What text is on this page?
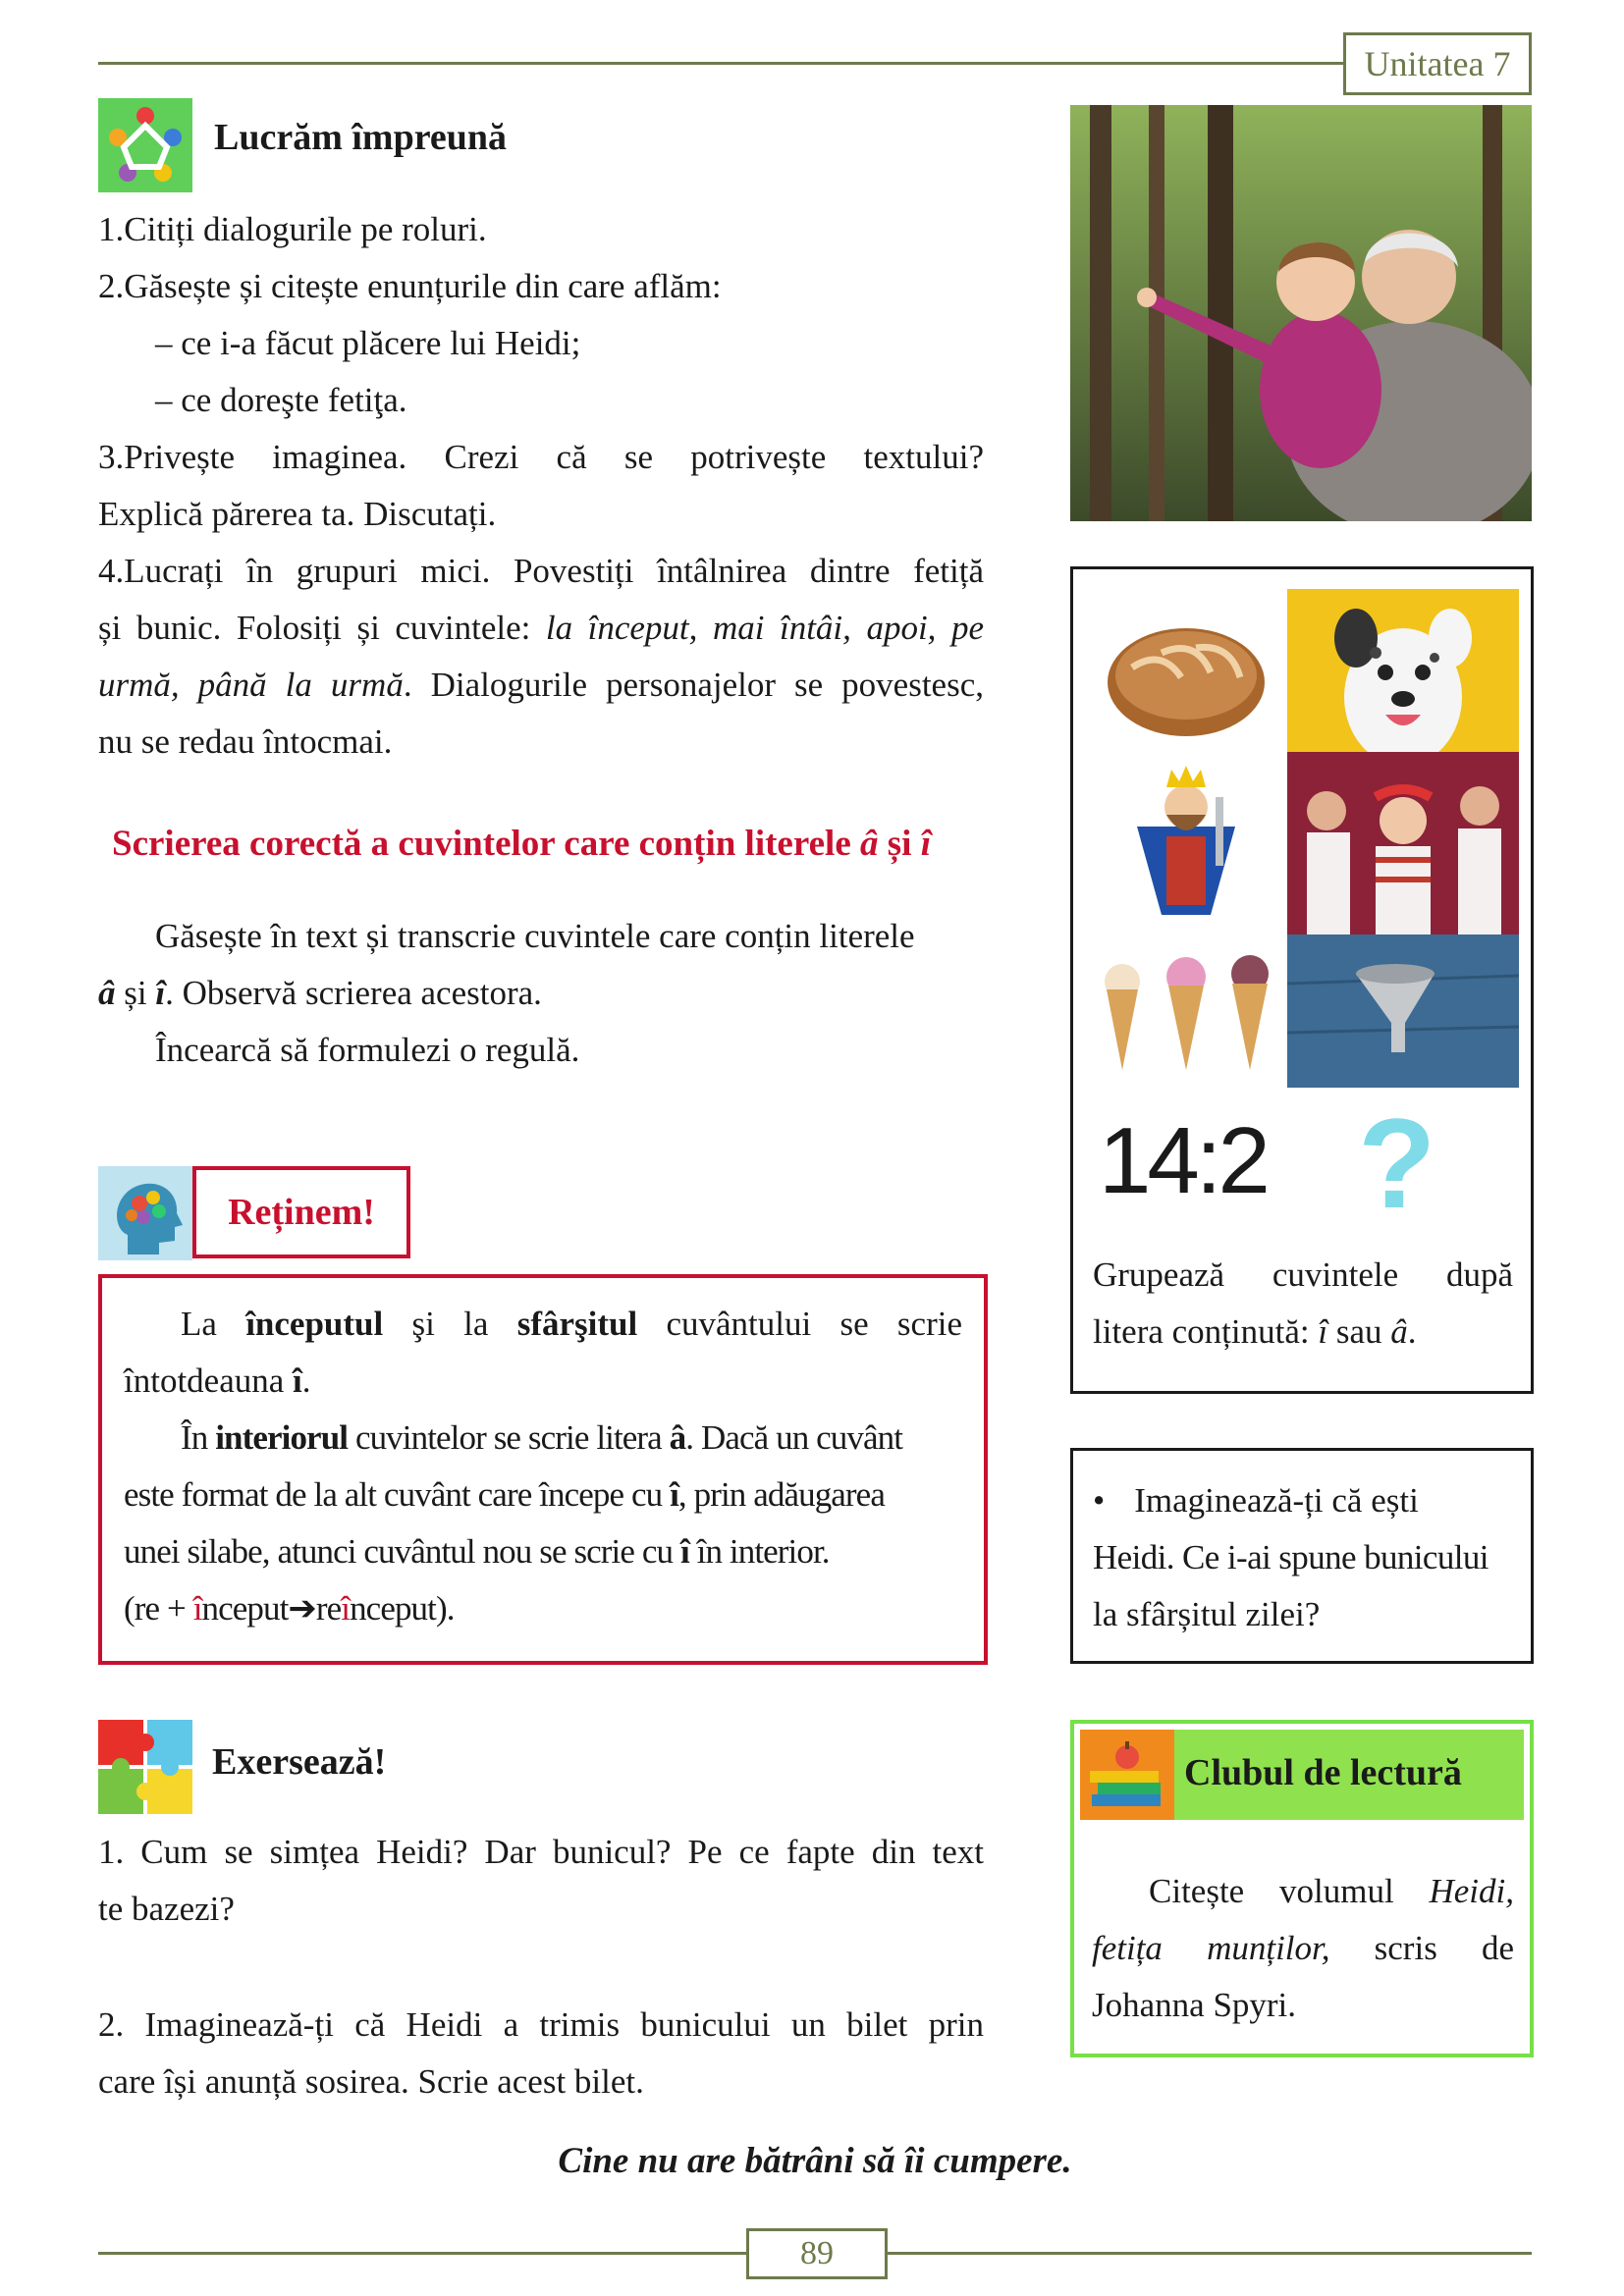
Unitatea 7
Lucrăm împreună
1.Citiți dialogurile pe roluri.
2.Găsește și citește enunțurile din care aflăm:
– ce i-a făcut plăcere lui Heidi;
– ce doreşte fetiţa.
3.Privește imaginea. Crezi că se potrivește textului?
Explică părerea ta. Discutați.
4.Lucrați în grupuri mici. Povestiți întâlnirea dintre fetiță
și bunic. Folosiți și cuvintele: la început, mai întâi, apoi, pe
urmă, până la urmă. Dialogurile personajelor se povestesc,
nu se redau întocmai.
Scrierea corectă a cuvintelor care conțin literele â și î
Găsește în text și transcrie cuvintele care conțin literele
â și î. Observă scrierea acestora.
Încearcă să formulezi o regulă.
Reținem!
La începutul şi la sfârşitul cuvântului se scrie
întotdeauna î.
În interiorul cuvintelor se scrie litera â. Dacă un cuvânt
este format de la alt cuvânt care începe cu î, prin adăugarea
unei silabe, atunci cuvântul nou se scrie cu î în interior.
(re + început➔reînceput).
Exersează!
1. Cum se simțea Heidi? Dar bunicul? Pe ce fapte din text
te bazezi?
2. Imaginează-ți că Heidi a trimis bunicului un bilet prin
care își anunță sosirea. Scrie acest bilet.
Cine nu are bătrâni să îi cumpere.
14:2 ?
Grupează cuvintele după
litera conținută: î sau â.
• Imaginează-ți că ești
Heidi. Ce i-ai spune bunicului
la sfârșitul zilei?
Clubul de lectură
Citește volumul Heidi,
fetița munților, scris de
Johanna Spyri.
89
